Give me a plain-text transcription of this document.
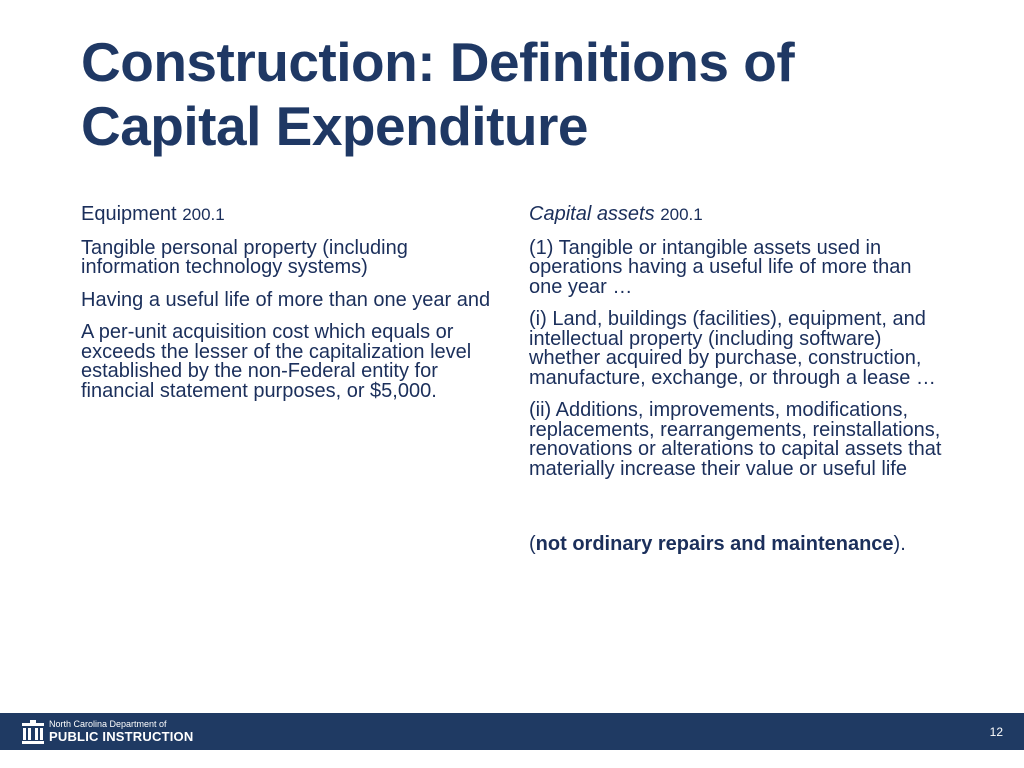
Construction: Definitions of
Capital Expenditure

Equipment 200.1

Tangible personal property (including information technology systems)

Having a useful life of more than one year and

A per-unit acquisition cost which equals or exceeds the lesser of the capitalization level established by the non-Federal entity for financial statement purposes, or $5,000.

Capital assets 200.1

(1) Tangible or intangible assets used in operations having a useful life of more than one year …

(i) Land, buildings (facilities), equipment, and intellectual property (including software) whether acquired by purchase, construction, manufacture, exchange, or through a lease …

(ii) Additions, improvements, modifications, replacements, rearrangements, reinstallations, renovations or alterations to capital assets that materially increase their value or useful life

(not ordinary repairs and maintenance).

North Carolina Department of
PUBLIC INSTRUCTION	12
